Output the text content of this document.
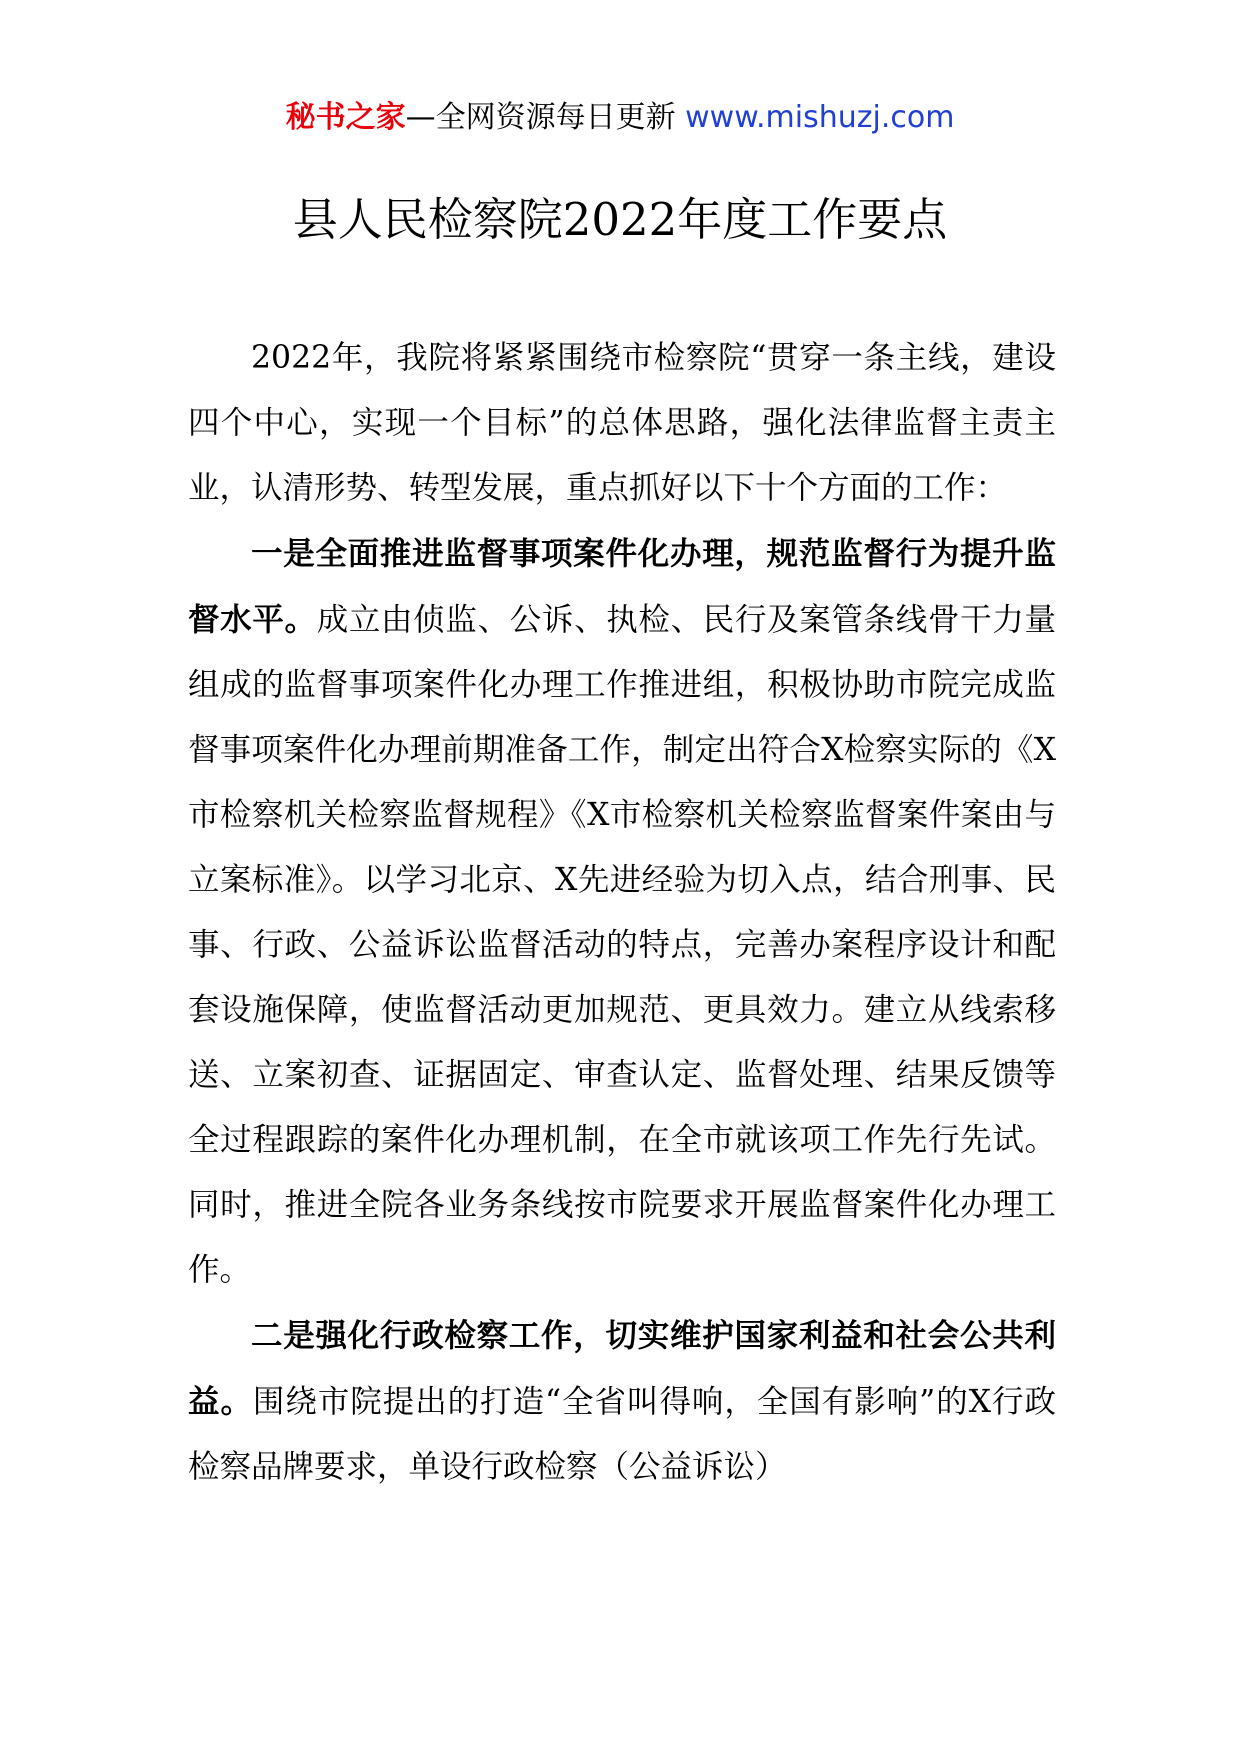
秘书之家—全网资源每日更新 www.mishuzj.com
县人民检察院2022年度工作要点

2022年，我院将紧紧围绕市检察院“贯穿一条主线，建设四个中心，实现一个目标”的总体思路，强化法律监督主责主业，认清形势、转型发展，重点抓好以下十个方面的工作：

一是全面推进监督事项案件化办理，规范监督行为提升监督水平。成立由侦监、公诉、执检、民行及案管条线骨干力量组成的监督事项案件化办理工作推进组，积极协助市院完成监督事项案件化办理前期准备工作，制定出符合X检察实际的《X市检察机关检察监督规程》《X市检察机关检察监督案件案由与立案标准》。以学习北京、X先进经验为切入点，结合刑事、民事、行政、公益诉讼监督活动的特点，完善办案程序设计和配套设施保障，使监督活动更加规范、更具效力。建立从线索移送、立案初查、证据固定、审查认定、监督处理、结果反馈等全过程跟踪的案件化办理机制，在全市就该项工作先行先试。同时，推进全院各业务条线按市院要求开展监督案件化办理工作。

二是强化行政检察工作，切实维护国家利益和社会公共利益。围绕市院提出的打造“全省叫得响，全国有影响”的X行政检察品牌要求，单设行政检察（公益诉讼）
